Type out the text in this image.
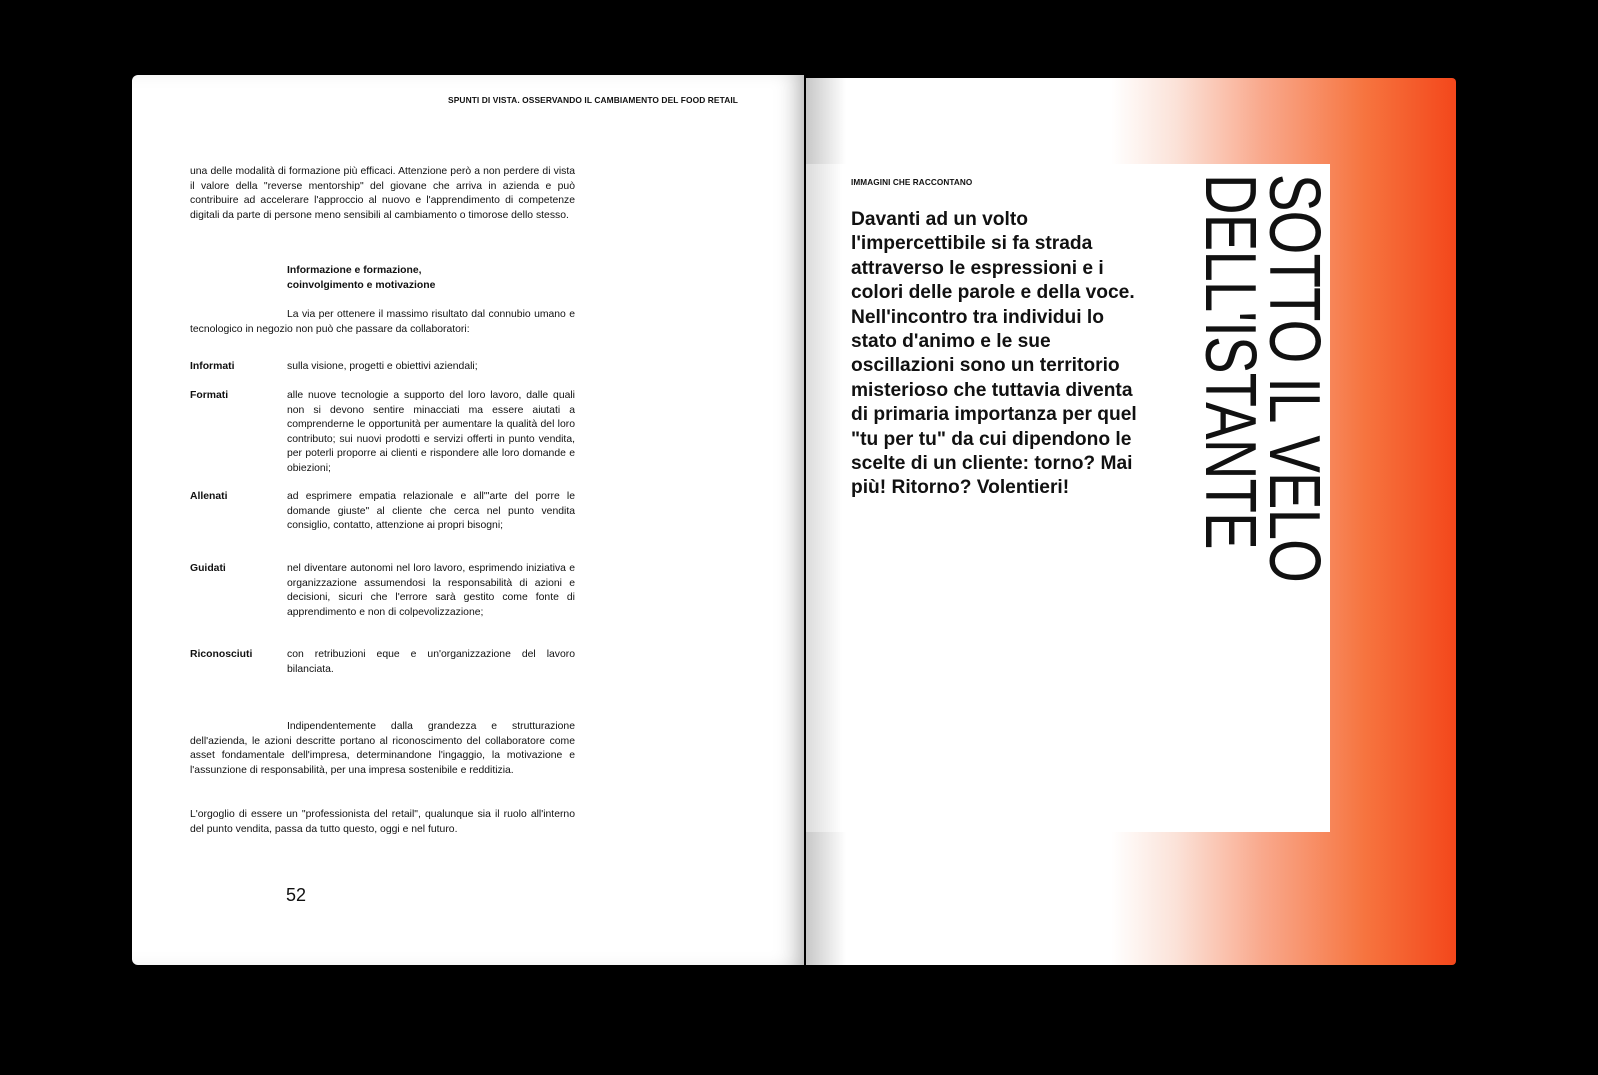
SPUNTI DI VISTA. OSSERVANDO IL CAMBIAMENTO DEL FOOD RETAIL
una delle modalità di formazione più efficaci. Attenzione però a non perdere di vista il valore della "reverse mentorship" del giovane che arriva in azienda e può contribuire ad accelerare l'approccio al nuovo e l'apprendimento di competenze digitali da parte di persone meno sensibili al cambiamento o timorose dello stesso.
Informazione e formazione,
coinvolgimento e motivazione
La via per ottenere il massimo risultato dal connubio umano e tecnologico in negozio non può che passare da collaboratori:
Informati	sulla visione, progetti e obiettivi aziendali;
Formati	alle nuove tecnologie a supporto del loro lavoro, dalle quali non si devono sentire minacciati ma essere aiutati a comprenderne le opportunità per aumentare la qualità del loro contributo; sui nuovi prodotti e servizi offerti in punto vendita, per poterli proporre ai clienti e rispondere alle loro domande e obiezioni;
Allenati	ad esprimere empatia relazionale e all'"arte del porre le domande giuste" al cliente che cerca nel punto vendita consiglio, contatto, attenzione ai propri bisogni;
Guidati	nel diventare autonomi nel loro lavoro, esprimendo iniziativa e organizzazione assumendosi la responsabilità di azioni e decisioni, sicuri che l'errore sarà gestito come fonte di apprendimento e non di colpevolizzazione;
Riconosciuti	con retribuzioni eque e un'organizzazione del lavoro bilanciata.
Indipendentemente dalla grandezza e strutturazione dell'azienda, le azioni descritte portano al riconoscimento del collaboratore come asset fondamentale dell'impresa, determinandone l'ingaggio, la motivazione e l'assunzione di responsabilità, per una impresa sostenibile e redditizia.
L'orgoglio di essere un "professionista del retail", qualunque sia il ruolo all'interno del punto vendita, passa da tutto questo, oggi e nel futuro.
52
IMMAGINI CHE RACCONTANO
Davanti ad un volto l'impercettibile si fa strada attraverso le espressioni e i colori delle parole e della voce. Nell'incontro tra individui lo stato d'animo e le sue oscillazioni sono un territorio misterioso che tuttavia diventa di primaria importanza per quel "tu per tu" da cui dipendono le scelte di un cliente: torno? Mai più! Ritorno? Volentieri!	SOTTO IL VELO
DELL'ISTANTE
